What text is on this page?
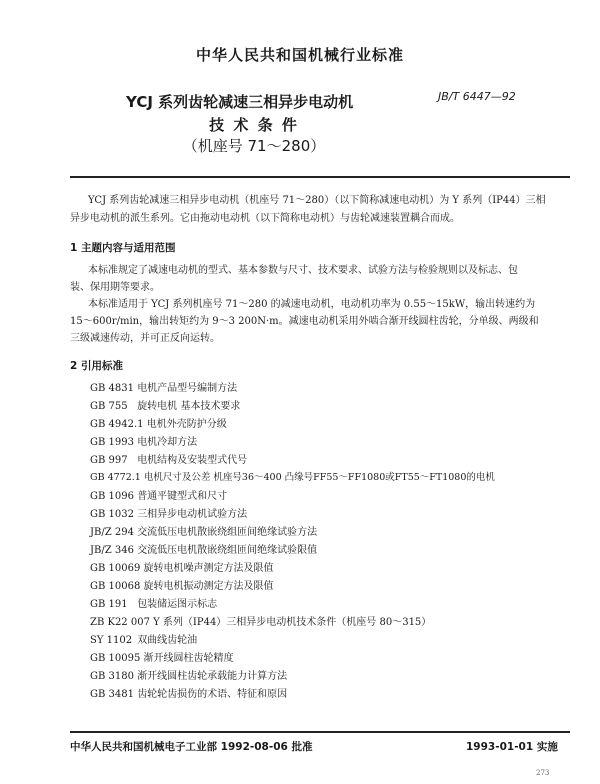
中华人民共和国机械行业标准
YCJ 系列齿轮减速三相异步电动机
技 术 条 件
（机座号 71～280）
JB/T 6447—92
YCJ 系列齿轮减速三相异步电动机（机座号 71～280）（以下简称减速电动机）为 Y 系列（IP44）三相
异步电动机的派生系列。它由拖动电动机（以下简称电动机）与齿轮减速装置耦合而成。
1 主题内容与适用范围
本标准规定了减速电动机的型式、基本参数与尺寸、技术要求、试验方法与检验规则以及标志、包
装、保用期等要求。
本标准适用于 YCJ 系列机座号 71～280 的减速电动机，电动机功率为 0.55～15kW，输出转速约为
15～600r/min，输出转矩约为 9～3 200N·m。减速电动机采用外啮合渐开线圆柱齿轮，分单级、两级和
三级减速传动，并可正反向运转。
2 引用标准
GB 4831 电机产品型号编制方法
GB 755 旋转电机 基本技术要求
GB 4942.1 电机外壳防护分级
GB 1993 电机冷却方法
GB 997 电机结构及安装型式代号
GB 4772.1 电机尺寸及公差 机座号36～400 凸缘号FF55～FF1080或FT55～FT1080的电机
GB 1096 普通平键型式和尺寸
GB 1032 三相异步电动机试验方法
JB/Z 294 交流低压电机散嵌绕组匝间绝缘试验方法
JB/Z 346 交流低压电机散嵌绕组匝间绝缘试验限值
GB 10069 旋转电机噪声测定方法及限值
GB 10068 旋转电机振动测定方法及限值
GB 191 包装储运图示标志
ZB K22 007 Y 系列（IP44）三相异步电动机技术条件（机座号 80～315）
SY 1102 双曲线齿轮油
GB 10095 渐开线圆柱齿轮精度
GB 3180 渐开线圆柱齿轮承载能力计算方法
GB 3481 齿轮轮齿损伤的术语、特征和原因
中华人民共和国机械电子工业部 1992-08-06 批准	1993-01-01 实施
273
